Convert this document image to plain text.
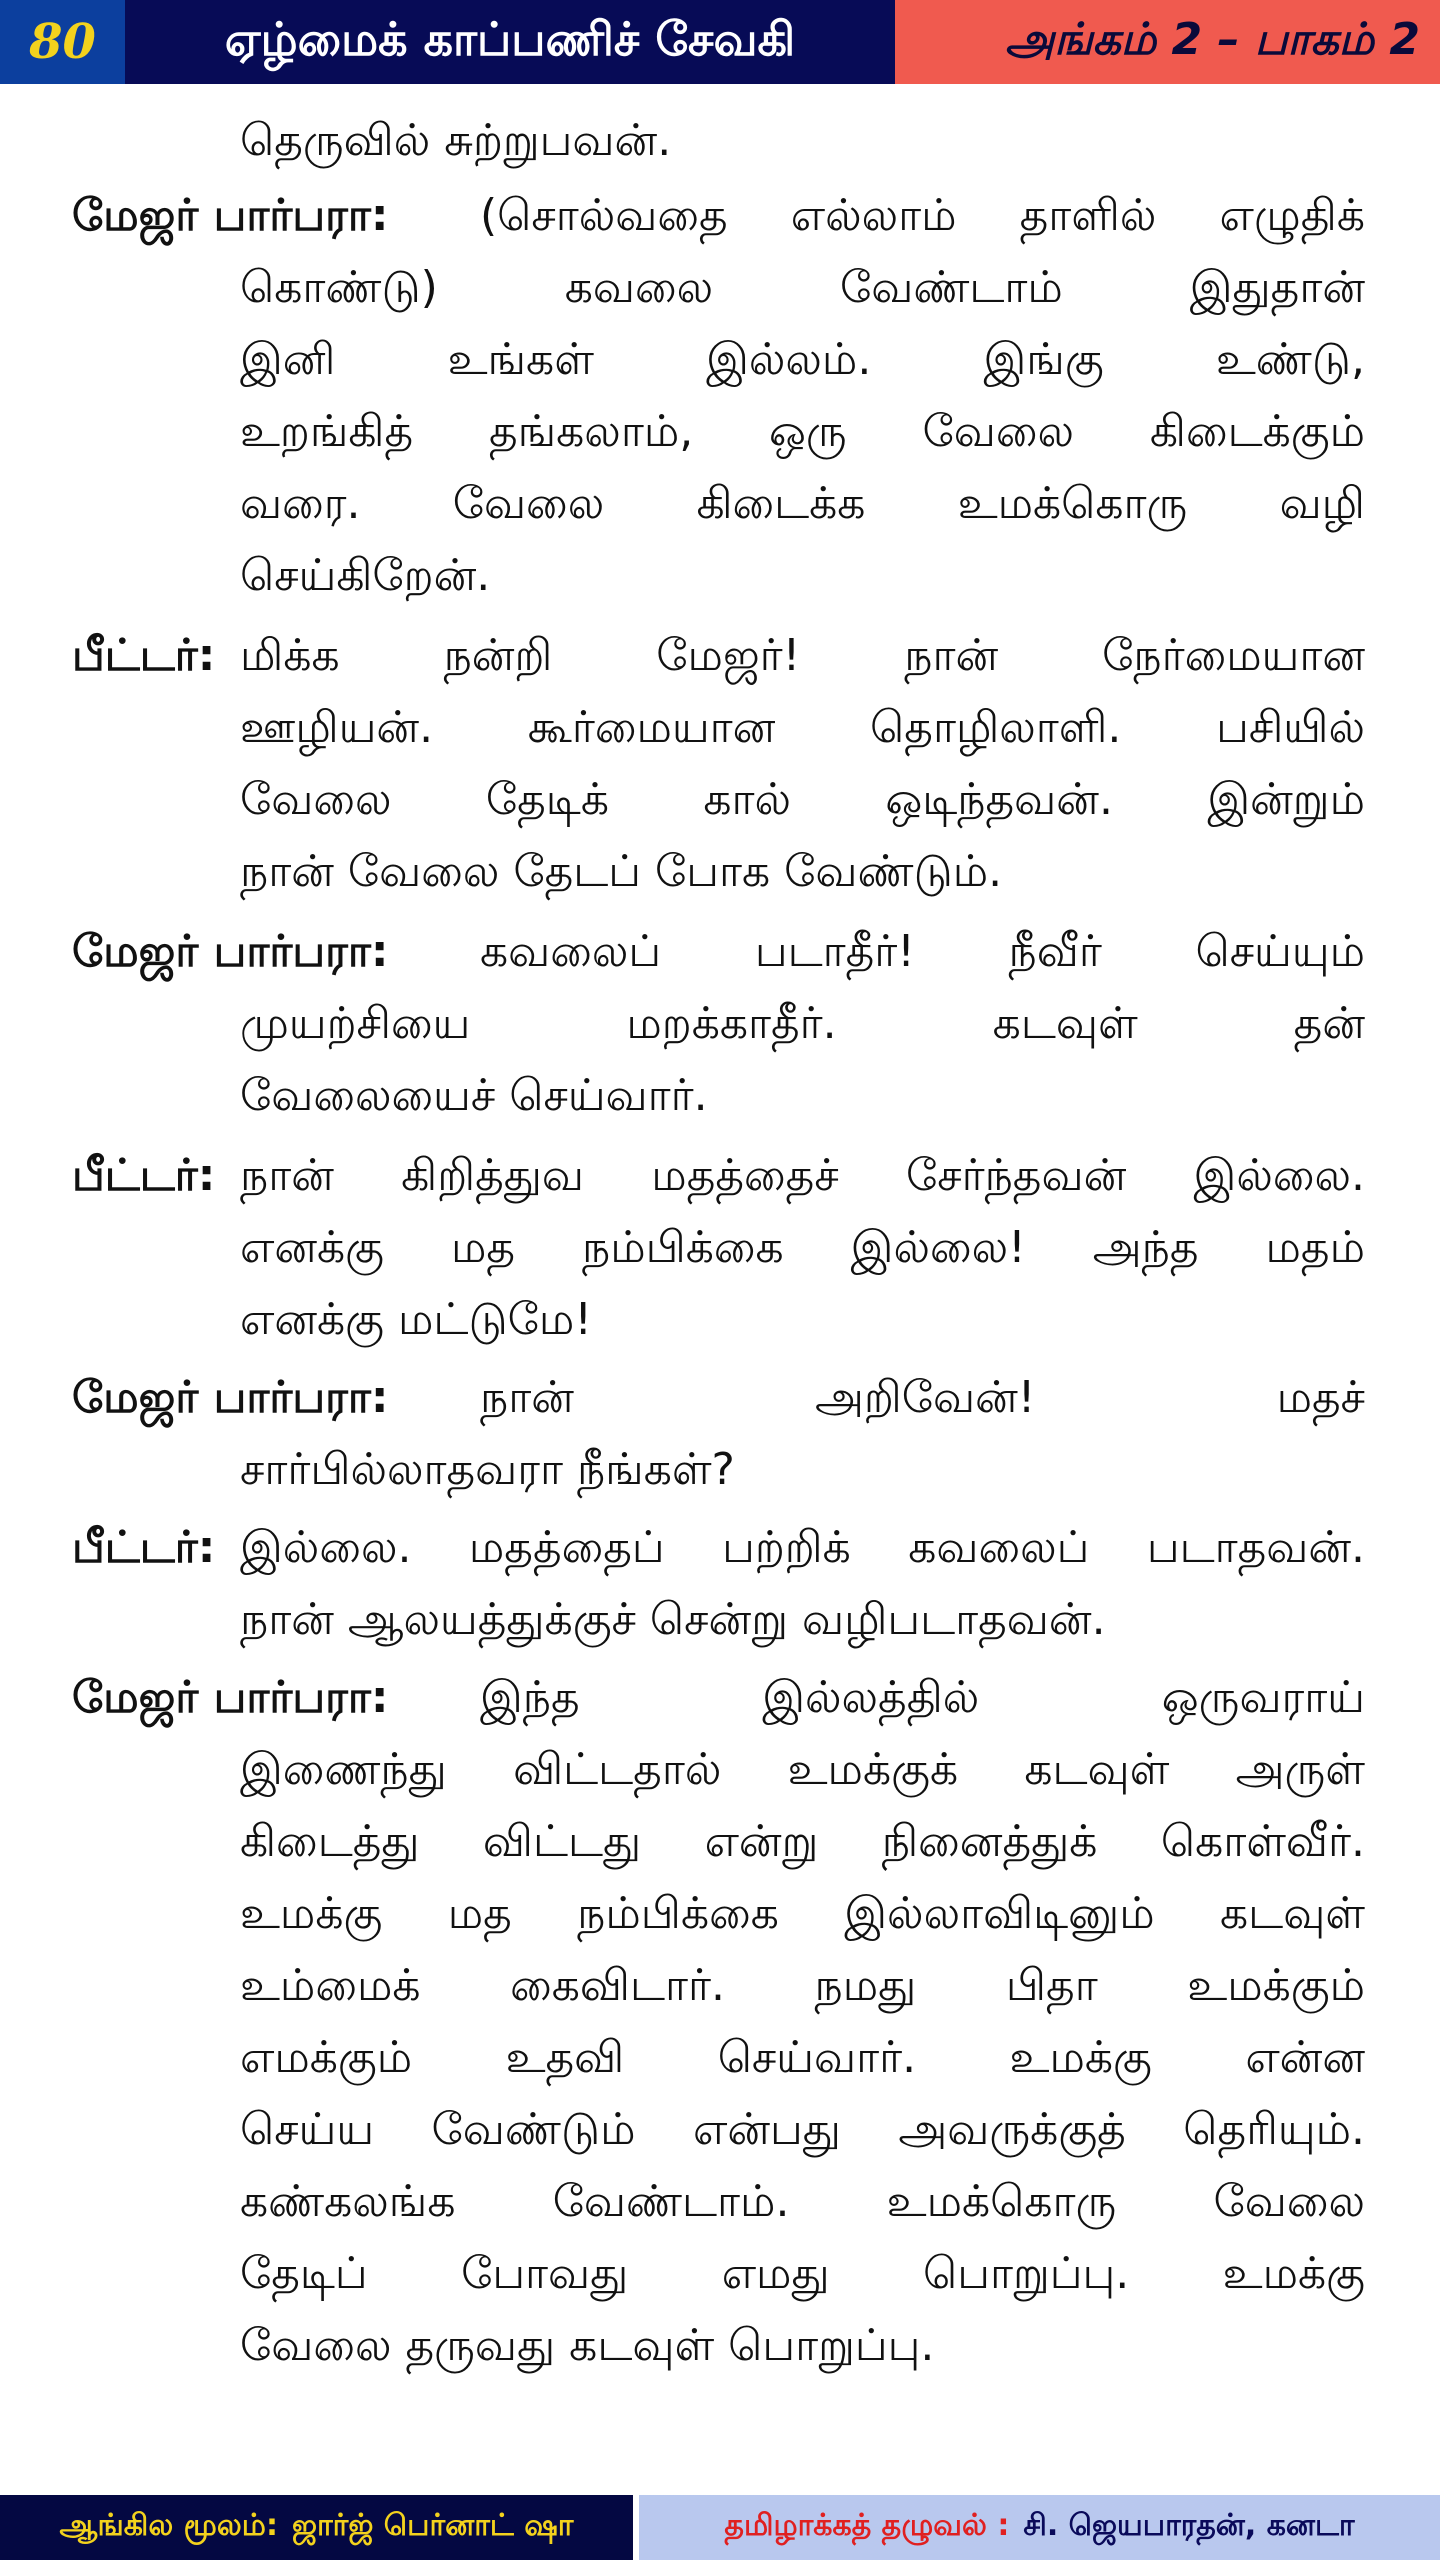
80	ஏழ்மைக் காப்பணிச் சேவகி	அங்கம் 2 – பாகம் 2
தெருவில் சுற்றுபவன்.
மேஜர் பார்பரா: (சொல்வதை எல்லாம் தாளில் எழுதிக்
கொண்டு) கவலை வேண்டாம் இதுதான்
இனி உங்கள் இல்லம். இங்கு உண்டு,
உறங்கித் தங்கலாம், ஒரு வேலை கிடைக்கும்
வரை. வேலை கிடைக்க உமக்கொரு வழி
செய்கிறேன்.
பீட்டர்: மிக்க நன்றி மேஜர்! நான் நேர்மையான
ஊழியன். கூர்மையான தொழிலாளி. பசியில்
வேலை தேடிக் கால் ஒடிந்தவன். இன்றும்
நான் வேலை தேடப் போக வேண்டும்.
மேஜர் பார்பரா: கவலைப் படாதீர்! நீவீர் செய்யும்
முயற்சியை மறக்காதீர். கடவுள் தன்
வேலையைச் செய்வார்.
பீட்டர்: நான் கிறித்துவ மதத்தைச் சேர்ந்தவன் இல்லை.
எனக்கு மத நம்பிக்கை இல்லை! அந்த மதம்
எனக்கு மட்டுமே!
மேஜர் பார்பரா: நான் அறிவேன்! மதச்
சார்பில்லாதவரா நீங்கள்?
பீட்டர்: இல்லை. மதத்தைப் பற்றிக் கவலைப் படாதவன்.
நான் ஆலயத்துக்குச் சென்று வழிபடாதவன்.
மேஜர் பார்பரா: இந்த இல்லத்தில் ஒருவராய்
இணைந்து விட்டதால் உமக்குக் கடவுள் அருள்
கிடைத்து விட்டது என்று நினைத்துக் கொள்வீர்.
உமக்கு மத நம்பிக்கை இல்லாவிடினும் கடவுள்
உம்மைக் கைவிடார். நமது பிதா உமக்கும்
எமக்கும் உதவி செய்வார். உமக்கு என்ன
செய்ய வேண்டும் என்பது அவருக்குத் தெரியும்.
கண்கலங்க வேண்டாம். உமக்கொரு வேலை
தேடிப் போவது எமது பொறுப்பு. உமக்கு
வேலை தருவது கடவுள் பொறுப்பு.
ஆங்கில மூலம்: ஜார்ஜ் பெர்னாட் ஷா	தமிழாக்கத் தழுவல் : சி. ஜெயபாரதன், கனடா
